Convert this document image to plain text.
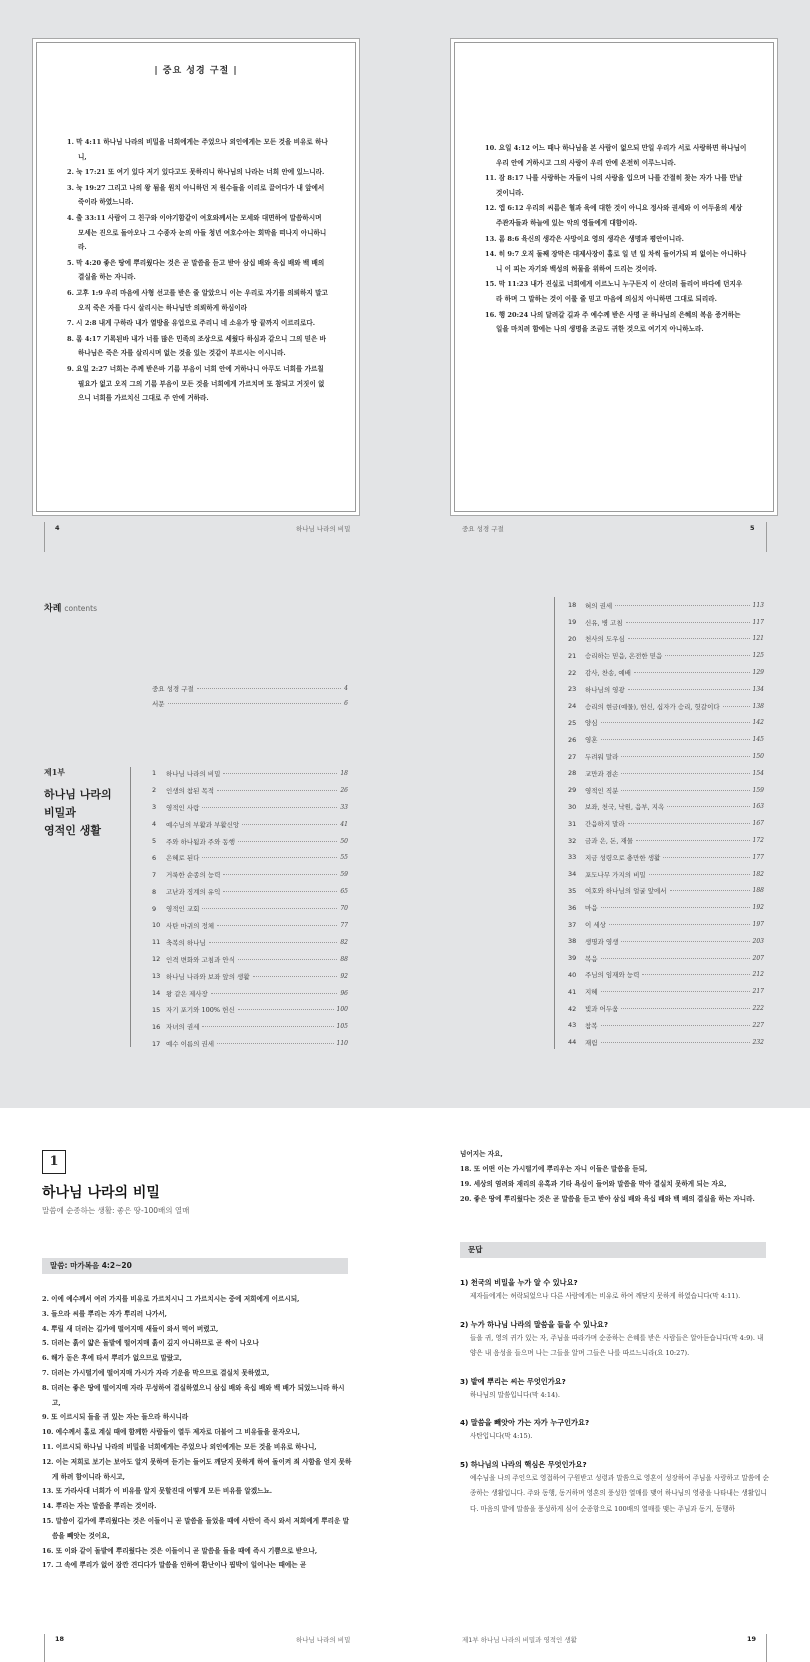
| 중요 성경 구절 |
1. 막 4:11 하나님 나라의 비밀을 너희에게는 주었으나 외인에게는 모든 것을 비유로 하나니,
2. 눅 17:21 또 여기 있다 저기 있다고도 못하리니 하나님의 나라는 너희 안에 있느니라.
3. 눅 19:27 그리고 나의 왕 됨을 원치 아니하던 저 원수들을 이리로 끌어다가 내 앞에서 죽이라 하였느니라.
4. 출 33:11 사람이 그 친구와 이야기함같이 여호와께서는 모세와 대면하여 말씀하시며 모세는 진으로 돌아오나 그 수종자 눈의 아들 청년 여호수아는 회막을 떠나지 아니하니라.
5. 막 4:20 좋은 땅에 뿌리웠다는 것은 곧 말씀을 듣고 받아 삼십 배와 육십 배와 백 배의 결실을 하는 자니라.
6. 고후 1:9 우리 마음에 사형 선고를 받은 줄 알았으니 이는 우리로 자기를 의뢰하지 말고 오직 죽은 자를 다시 살리시는 하나님만 의뢰하게 하심이라
7. 시 2:8 내게 구하라 내가 열방을 유업으로 주리니 네 소유가 땅 끝까지 이르리로다.
8. 롬 4:17 기록된바 내가 너를 많은 민족의 조상으로 세웠다 하심과 같으니 그의 믿은 바 하나님은 죽은 자를 살리시며 없는 것을 있는 것같이 부르시는 이시니라.
9. 요일 2:27 너희는 주께 받은바 기름 부음이 너희 안에 거하나니 아무도 너희를 가르칠 필요가 없고 오직 그의 기름 부음이 모든 것을 너희에게 가르치며 또 참되고 거짓이 없으니 너희를 가르치신 그대로 주 안에 거하라.
10. 요일 4:12 어느 때나 하나님을 본 사람이 없으되 만일 우리가 서로 사랑하면 하나님이 우리 안에 거하시고 그의 사랑이 우리 안에 온전히 이루느니라.
11. 잠 8:17 나를 사랑하는 자들이 나의 사랑을 입으며 나를 간절히 찾는 자가 나를 만날 것이니라.
12. 엡 6:12 우리의 씨름은 혈과 육에 대한 것이 아니요 정사와 권세와 이 어두움의 세상 주관자들과 하늘에 있는 악의 영들에게 대함이라.
13. 롬 8:6 육신의 생각은 사망이요 영의 생각은 생명과 평안이니라.
14. 히 9:7 오직 둘째 장막은 대제사장이 홀로 일 년 일 차씩 들어가되 피 없이는 아니하나니 이 피는 자기와 백성의 허물을 위하여 드리는 것이라.
15. 막 11:23 내가 진실로 너희에게 이르노니 누구든지 이 산더러 들리어 바다에 던지우라 하며 그 말하는 것이 이룰 줄 믿고 마음에 의심치 아니하면 그대로 되리라.
16. 행 20:24 나의 달려갈 길과 주 예수께 받은 사명 곧 하나님의 은혜의 복음 증거하는 일을 마치려 함에는 나의 생명을 조금도 귀한 것으로 여기지 아니하노라.
4	하나님 나라의 비밀	중요 성경 구절	5
차례 contents
중요 성경 구절	4
서문	6
제1부
하나님 나라의
비밀과
영적인 생활
1	하나님 나라의 비밀	18
2	인생의 참된 목적	26
3	영적인 사람	33
4	예수님의 부활과 부활신앙	41
5	주와 하나됨과 주와 동행	50
6	은혜로 된다	55
7	거룩한 순종의 능력	59
8	고난과 징계의 유익	65
9	영적인 교회	70
10 사탄 마귀의 정체	77
11 축복의 하나님	82
12 인격 변화와 고침과 안식	88
13 하나님 나라와 보좌 앞의 생활	92
14 왕 같은 제사장	96
15 자기 포기와 100% 헌신	100
16 자녀의 권세	105
17 예수 이름의 권세	110
18	혀의 권세	113
19	신유, 병 고침	117
20	천사의 도우심	121
21	승리하는 믿음, 온전한 믿음	125
22	감사, 찬송, 예배	129
23	하나님의 영광	134
24	승리의 현금(예물), 헌신, 십자가 승리, 헛갈이다	138
25	양심	142
26	영혼	145
27	두려워 말라	150
28	교만과 겸손	154
29	영적인 직분	159
30	보좌, 천국, 낙원, 음부, 지옥	163
31	간음하지 말라	167
32	금과 은, 돈, 재물	172
33	지금 성령으로 충만한 생활	177
34	포도나무 가지의 비밀	182
35	여호와 하나님의 얼굴 앞에서	188
36	마음	192
37	이 세상	197
38	생명과 영생	203
39	복음	207
40	주님의 임재와 능력	212
41	지혜	217
42	빛과 어두움	222
43	참복	227
44	재림	232
1
하나님 나라의 비밀
말씀에 순종하는 생활: 좋은 땅-100배의 열매
말씀: 마가복음 4:2~20
2. 이에 예수께서 여러 가지를 비유로 가르치시니 그 가르치시는 중에 저희에게 이르시되,
3. 들으라 씨를 뿌리는 자가 뿌리러 나가서,
4. 뿌릴 새 더러는 길가에 떨어지매 새들이 와서 먹어 버렸고,
5. 더러는 흙이 얇은 돌밭에 떨어지매 흙이 깊지 아니하므로 곧 싹이 나오나
6. 해가 돋은 후에 타서 뿌리가 없으므로 말랐고,
7. 더러는 가시떨기에 떨어지매 가시가 자라 기운을 막으므로 결실치 못하였고,
8. 더러는 좋은 땅에 떨어지매 자라 무성하여 결실하였으니 삼십 배와 육십 배와 백 배가 되었느니라 하시고,
9. 또 이르시되 들을 귀 있는 자는 들으라 하시니라
10. 예수께서 홀로 계실 때에 함께한 사람들이 열두 제자로 더불어 그 비유들을 묻자오니,
11. 이르시되 하나님 나라의 비밀을 너희에게는 주었으나 외인에게는 모든 것을 비유로 하나니,
12. 이는 저희로 보기는 보아도 알지 못하며 듣기는 들어도 깨닫지 못하게 하여 돌이켜 죄 사함을 얻지 못하게 하려 함이니라 하시고,
13. 또 가라사대 너희가 이 비유를 알지 못할진대 어떻게 모든 비유를 알겠느뇨.
14. 뿌리는 자는 말씀을 뿌리는 것이라.
15. 말씀이 길가에 뿌리웠다는 것은 이들이니 곧 말씀을 들었을 때에 사탄이 즉시 와서 저희에게 뿌리운 말씀을 빼앗는 것이요,
16. 또 이와 같이 돌밭에 뿌리웠다는 것은 이들이니 곧 말씀을 들을 때에 즉시 기쁨으로 받으나,
17. 그 속에 뿌리가 없어 잠깐 견디다가 말씀을 인하여 환난이나 핍박이 일어나는 때에는 곧
넘어지는 자요,
18. 또 어떤 이는 가시떨기에 뿌리우는 자니 이들은 말씀을 듣되,
19. 세상의 염려와 재리의 유혹과 기타 욕심이 들어와 말씀을 막아 결실치 못하게 되는 자요,
20. 좋은 땅에 뿌리웠다는 것은 곧 말씀을 듣고 받아 삼십 배와 육십 배와 백 배의 결실을 하는 자니라.
문답
1) 천국의 비밀을 누가 알 수 있나요?
제자들에게는 허락되었으나 다른 사람에게는 비유로 하여 깨닫지 못하게 하였습니다(막 4:11).
2) 누가 하나님 나라의 말씀을 들을 수 있나요?
들을 귀, 영의 귀가 있는 자, 주님을 따라가며 순종하는 은혜를 받은 사람들은 알아듣습니다(막 4:9). 내 양은 내 음성을 들으며 나는 그들을 알며 그들은 나를 따르느니라(요 10:27).
3) 밭에 뿌리는 씨는 무엇인가요?
하나님의 말씀입니다(막 4:14).
4) 말씀을 빼앗아 가는 자가 누구인가요?
사탄입니다(막 4:15).
5) 하나님의 나라의 핵심은 무엇인가요?
예수님을 나의 주인으로 영접하여 구원받고 성령과 말씀으로 영혼이 성장하여 주님을 사랑하고 말씀에 순종하는 생활입니다. 주와 동행, 동거하며 영혼의 풍성한 열매를 맺어 하나님의 영광을 나타내는 생활입니다. 마음의 밭에 말씀을 풍성하게 심어 순종함으로 100배의 열매를 맺는 주님과 동거, 동행하
18	하나님 나라의 비밀	제1부 하나님 나라의 비밀과 영적인 생활	19
